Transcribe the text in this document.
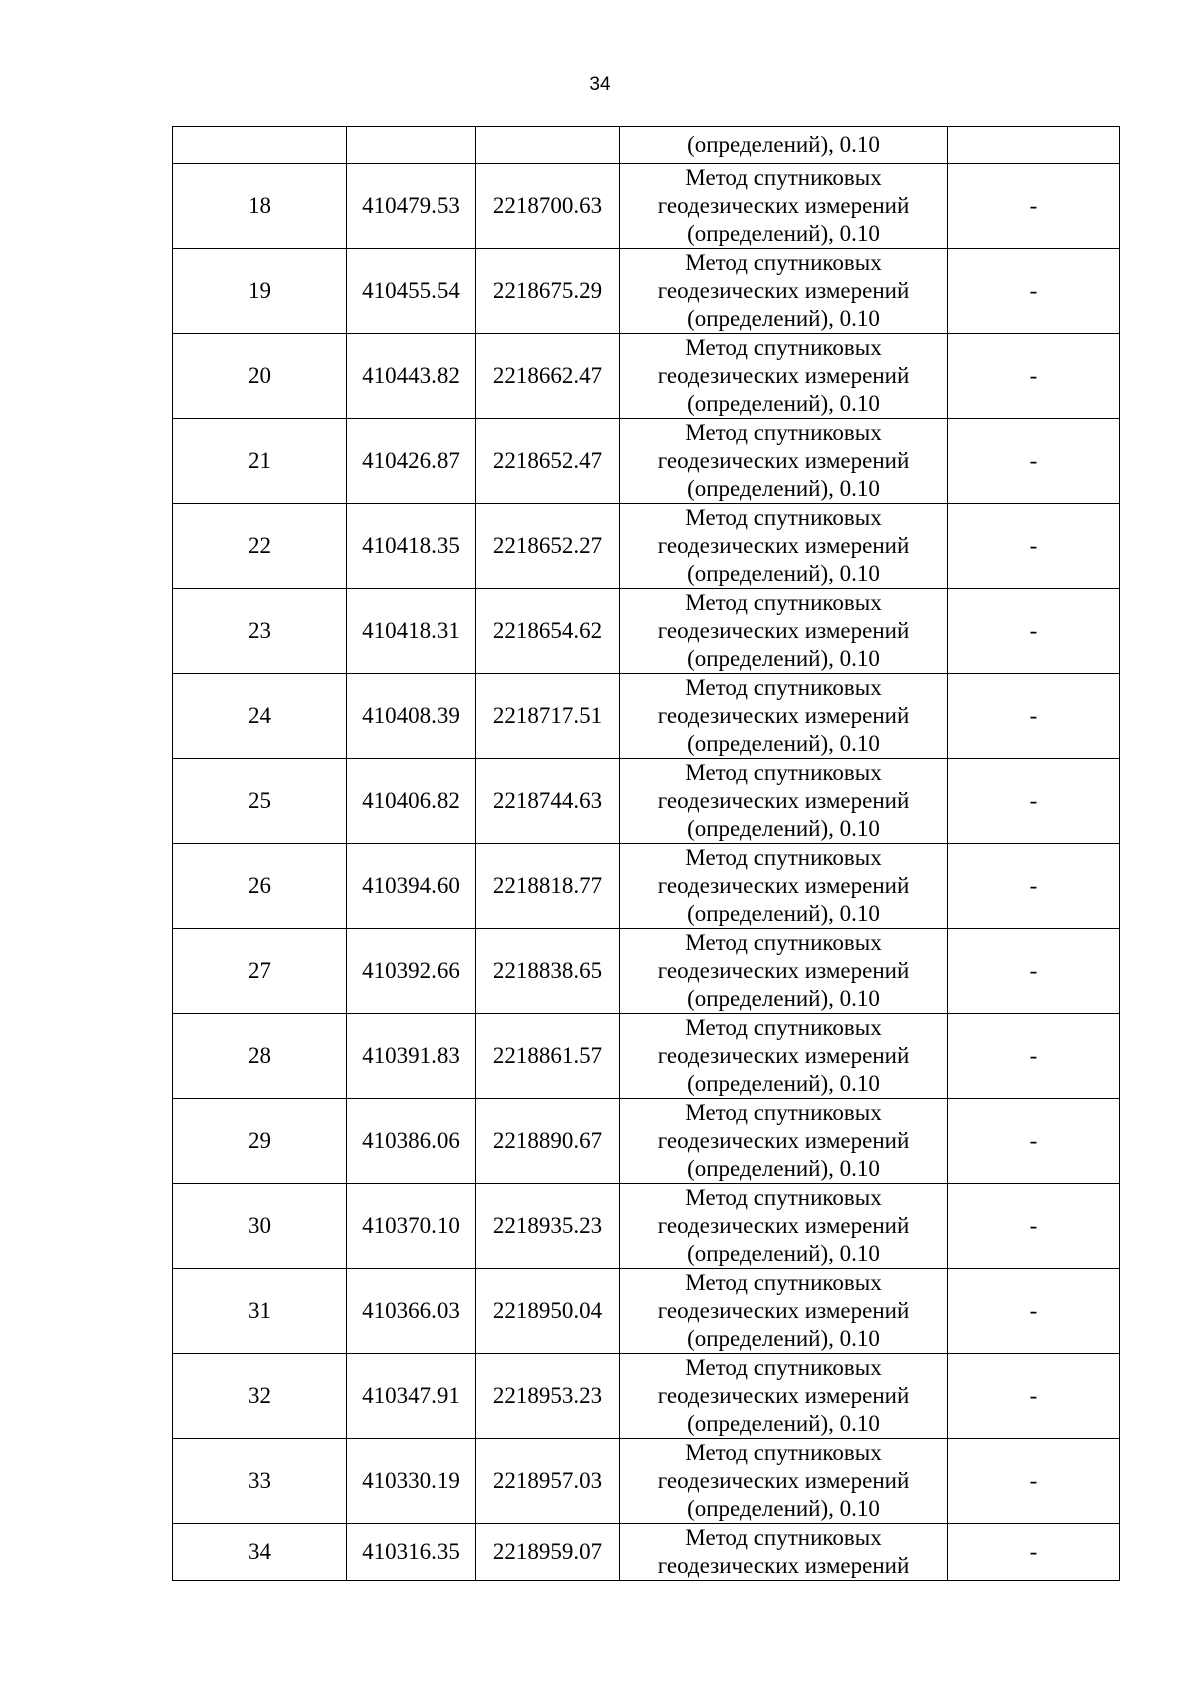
34
			(определений), 0.10	
18	410479.53	2218700.63	Метод спутниковых
геодезических измерений
(определений), 0.10	-
19	410455.54	2218675.29	Метод спутниковых
геодезических измерений
(определений), 0.10	-
20	410443.82	2218662.47	Метод спутниковых
геодезических измерений
(определений), 0.10	-
21	410426.87	2218652.47	Метод спутниковых
геодезических измерений
(определений), 0.10	-
22	410418.35	2218652.27	Метод спутниковых
геодезических измерений
(определений), 0.10	-
23	410418.31	2218654.62	Метод спутниковых
геодезических измерений
(определений), 0.10	-
24	410408.39	2218717.51	Метод спутниковых
геодезических измерений
(определений), 0.10	-
25	410406.82	2218744.63	Метод спутниковых
геодезических измерений
(определений), 0.10	-
26	410394.60	2218818.77	Метод спутниковых
геодезических измерений
(определений), 0.10	-
27	410392.66	2218838.65	Метод спутниковых
геодезических измерений
(определений), 0.10	-
28	410391.83	2218861.57	Метод спутниковых
геодезических измерений
(определений), 0.10	-
29	410386.06	2218890.67	Метод спутниковых
геодезических измерений
(определений), 0.10	-
30	410370.10	2218935.23	Метод спутниковых
геодезических измерений
(определений), 0.10	-
31	410366.03	2218950.04	Метод спутниковых
геодезических измерений
(определений), 0.10	-
32	410347.91	2218953.23	Метод спутниковых
геодезических измерений
(определений), 0.10	-
33	410330.19	2218957.03	Метод спутниковых
геодезических измерений
(определений), 0.10	-
34	410316.35	2218959.07	Метод спутниковых
геодезических измерений	-
